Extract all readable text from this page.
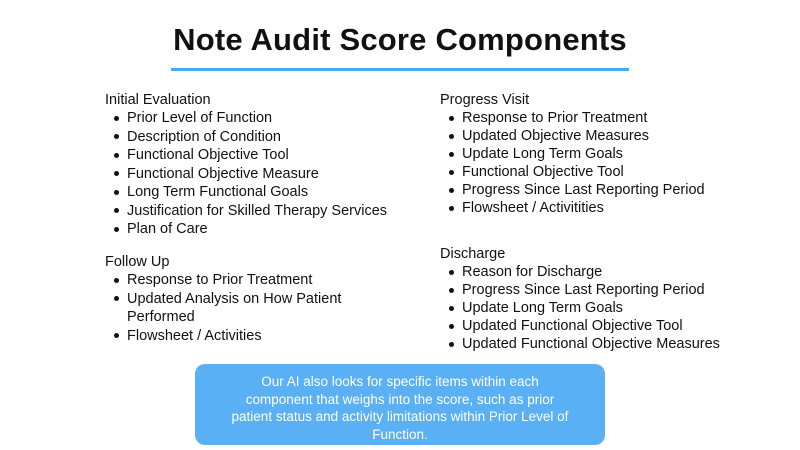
Note Audit Score Components
Initial Evaluation
Prior Level of Function
Description of Condition
Functional Objective Tool
Functional Objective Measure
Long Term Functional Goals
Justification for Skilled Therapy Services
Plan of Care
Follow Up
Response to Prior Treatment
Updated Analysis on How Patient Performed
Flowsheet / Activities
Progress Visit
Response to Prior Treatment
Updated Objective Measures
Update Long Term Goals
Functional Objective Tool
Progress Since Last Reporting Period
Flowsheet / Activitities
Discharge
Reason for Discharge
Progress Since Last Reporting Period
Update Long Term Goals
Updated Functional Objective Tool
Updated Functional Objective Measures
Our AI also looks for specific items within each component that weighs into the score, such as prior patient status and activity limitations within Prior Level of Function.
